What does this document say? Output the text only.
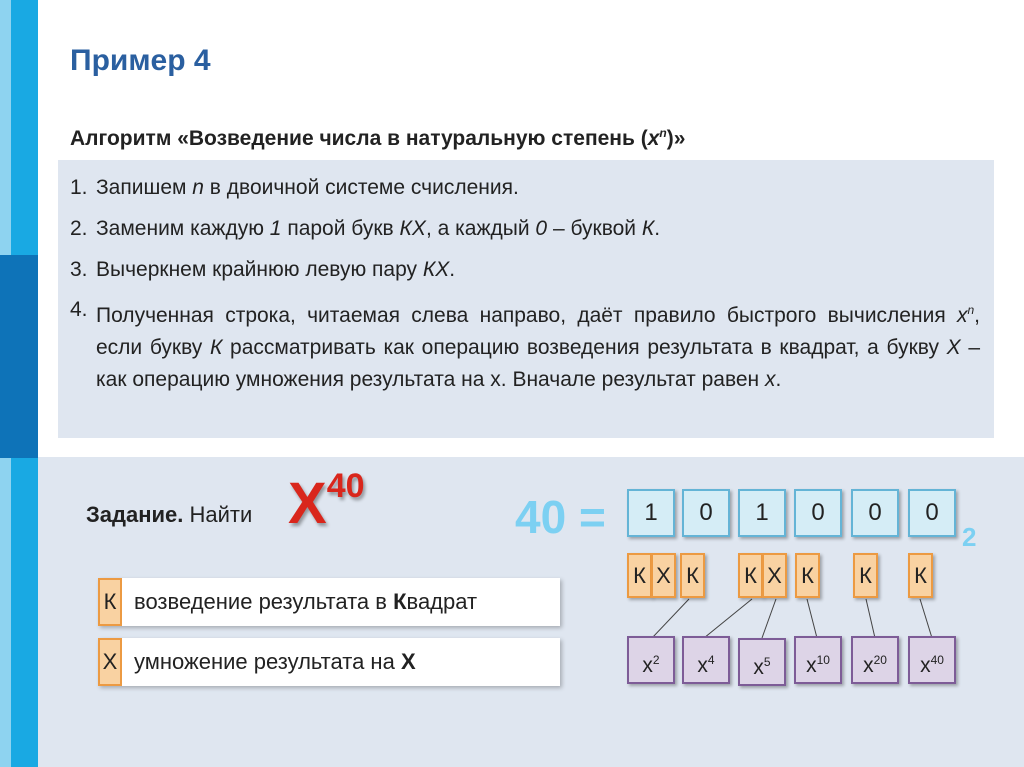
Пример 4
Алгоритм «Возведение числа в натуральную степень $(x^n)$»
1. Запишем n в двоичной системе счисления.
2. Заменим каждую 1 парой букв КХ, а каждый 0 – буквой К.
3. Вычеркнем крайнюю левую пару КХ.
4. Полученная строка, читаемая слева направо, даёт правило быстрого вычисления $x^n$, если букву К рассматривать как операцию возведения результата в квадрат, а букву Х – как операцию умножения результата на х. Вначале результат равен x.
Задание. Найти $X^{40}$
40 =	2
1	0	1	0	0	0
К Х К К Х К К К
$x^2$	$x^4$	$x^5$	$x^{10}$	$x^{20}$	$x^{40}$
К возведение результата в Квадрат
Х умножение результата на Х
